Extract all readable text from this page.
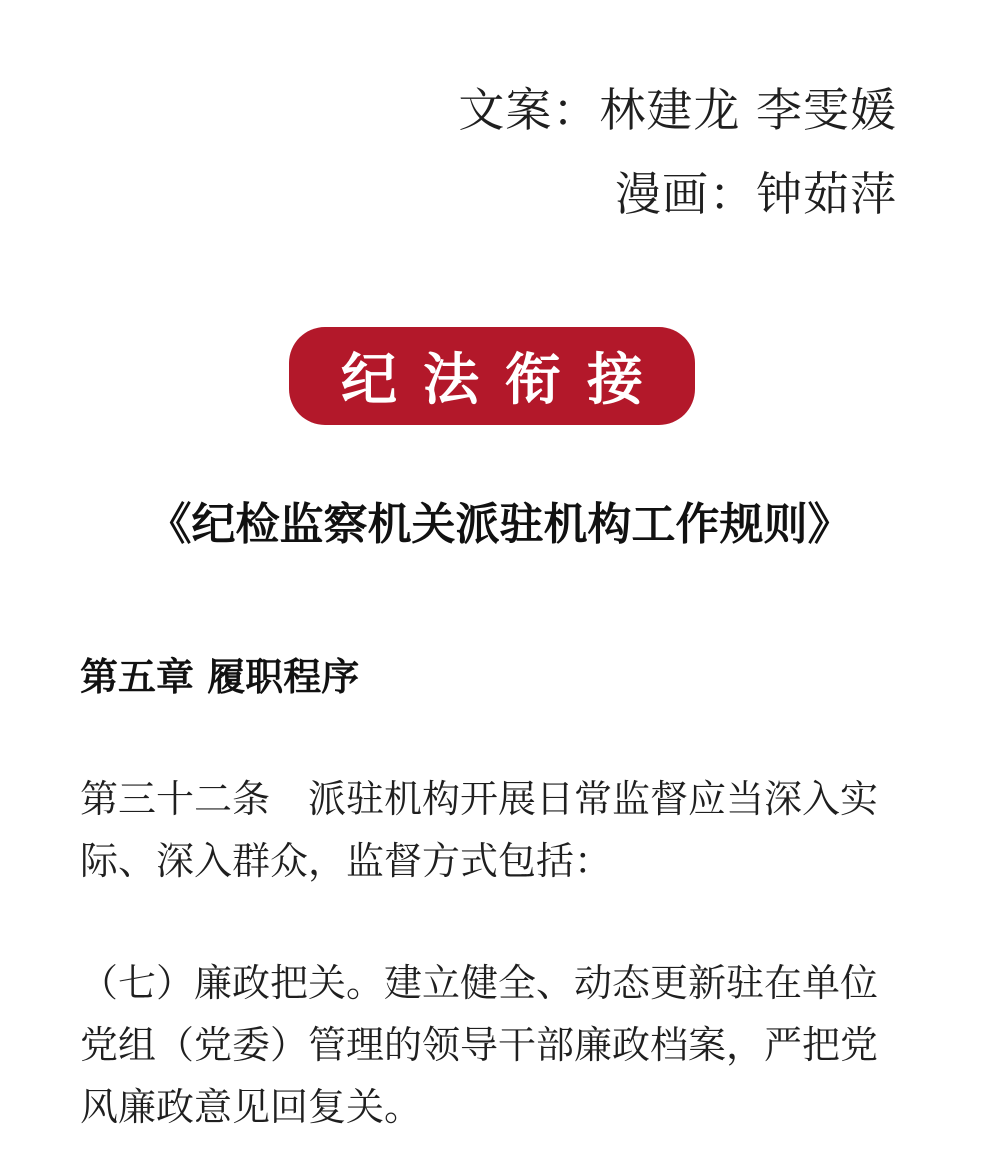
文案：林建龙 李雯媛
漫画：钟茹萍
纪法衔接
《纪检监察机关派驻机构工作规则》
第五章 履职程序
第三十二条　派驻机构开展日常监督应当深入实
际、深入群众，监督方式包括：
（七）廉政把关。建立健全、动态更新驻在单位
党组（党委）管理的领导干部廉政档案，严把党
风廉政意见回复关。
